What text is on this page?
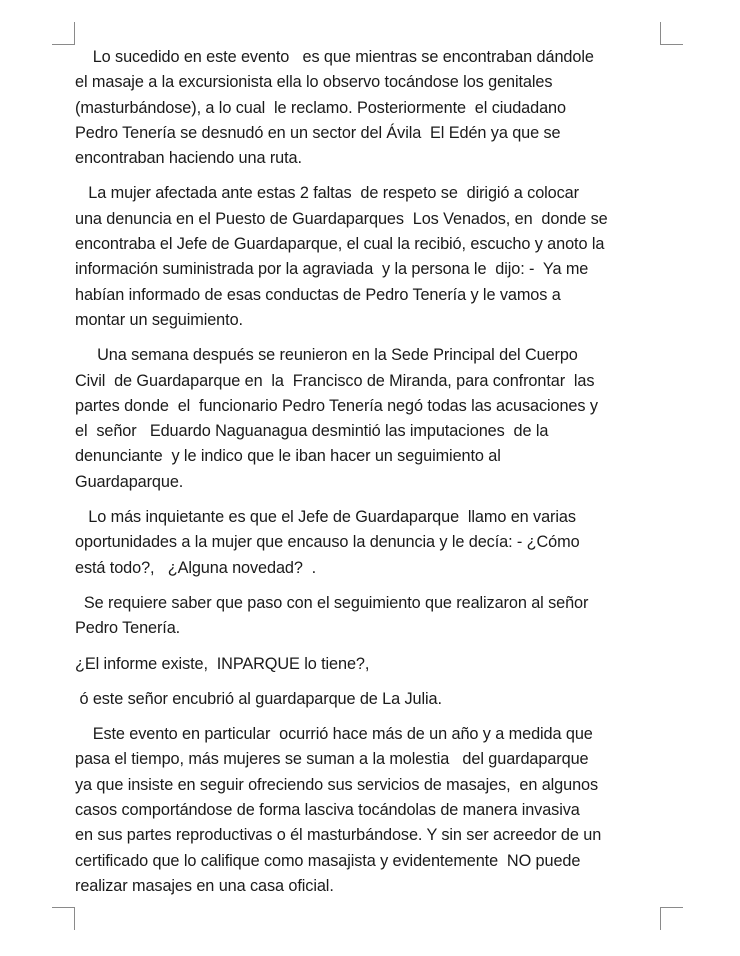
Lo sucedido en este evento   es que mientras se encontraban dándole
el masaje a la excursionista ella lo observo tocándose los genitales
(masturbándose), a lo cual  le reclamo. Posteriormente  el ciudadano
Pedro Tenería se desnudó en un sector del Ávila  El Edén ya que se
encontraban haciendo una ruta.

La mujer afectada ante estas 2 faltas  de respeto se  dirigió a colocar
una denuncia en el Puesto de Guardaparques  Los Venados, en  donde se
encontraba el Jefe de Guardaparque, el cual la recibió, escucho y anoto la
información suministrada por la agraviada  y la persona le  dijo: -  Ya me
habían informado de esas conductas de Pedro Tenería y le vamos a
montar un seguimiento.

Una semana después se reunieron en la Sede Principal del Cuerpo
Civil  de Guardaparque en  la  Francisco de Miranda, para confrontar  las
partes donde  el  funcionario Pedro Tenería negó todas las acusaciones y
el  señor   Eduardo Naguanagua desmintió las imputaciones  de la
denunciante  y le indico que le iban hacer un seguimiento al
Guardaparque.

Lo más inquietante es que el Jefe de Guardaparque  llamo en varias
oportunidades a la mujer que encauso la denuncia y le decía: - ¿Cómo
está todo?,   ¿Alguna novedad?  .

Se requiere saber que paso con el seguimiento que realizaron al señor
Pedro Tenería.

¿El informe existe,  INPARQUE lo tiene?,

ó este señor encubrió al guardaparque de La Julia.

Este evento en particular  ocurrió hace más de un año y a medida que
pasa el tiempo, más mujeres se suman a la molestia   del guardaparque
ya que insiste en seguir ofreciendo sus servicios de masajes,  en algunos
casos comportándose de forma lasciva tocándolas de manera invasiva
en sus partes reproductivas o él masturbándose. Y sin ser acreedor de un
certificado que lo califique como masajista y evidentemente  NO puede
realizar masajes en una casa oficial.
